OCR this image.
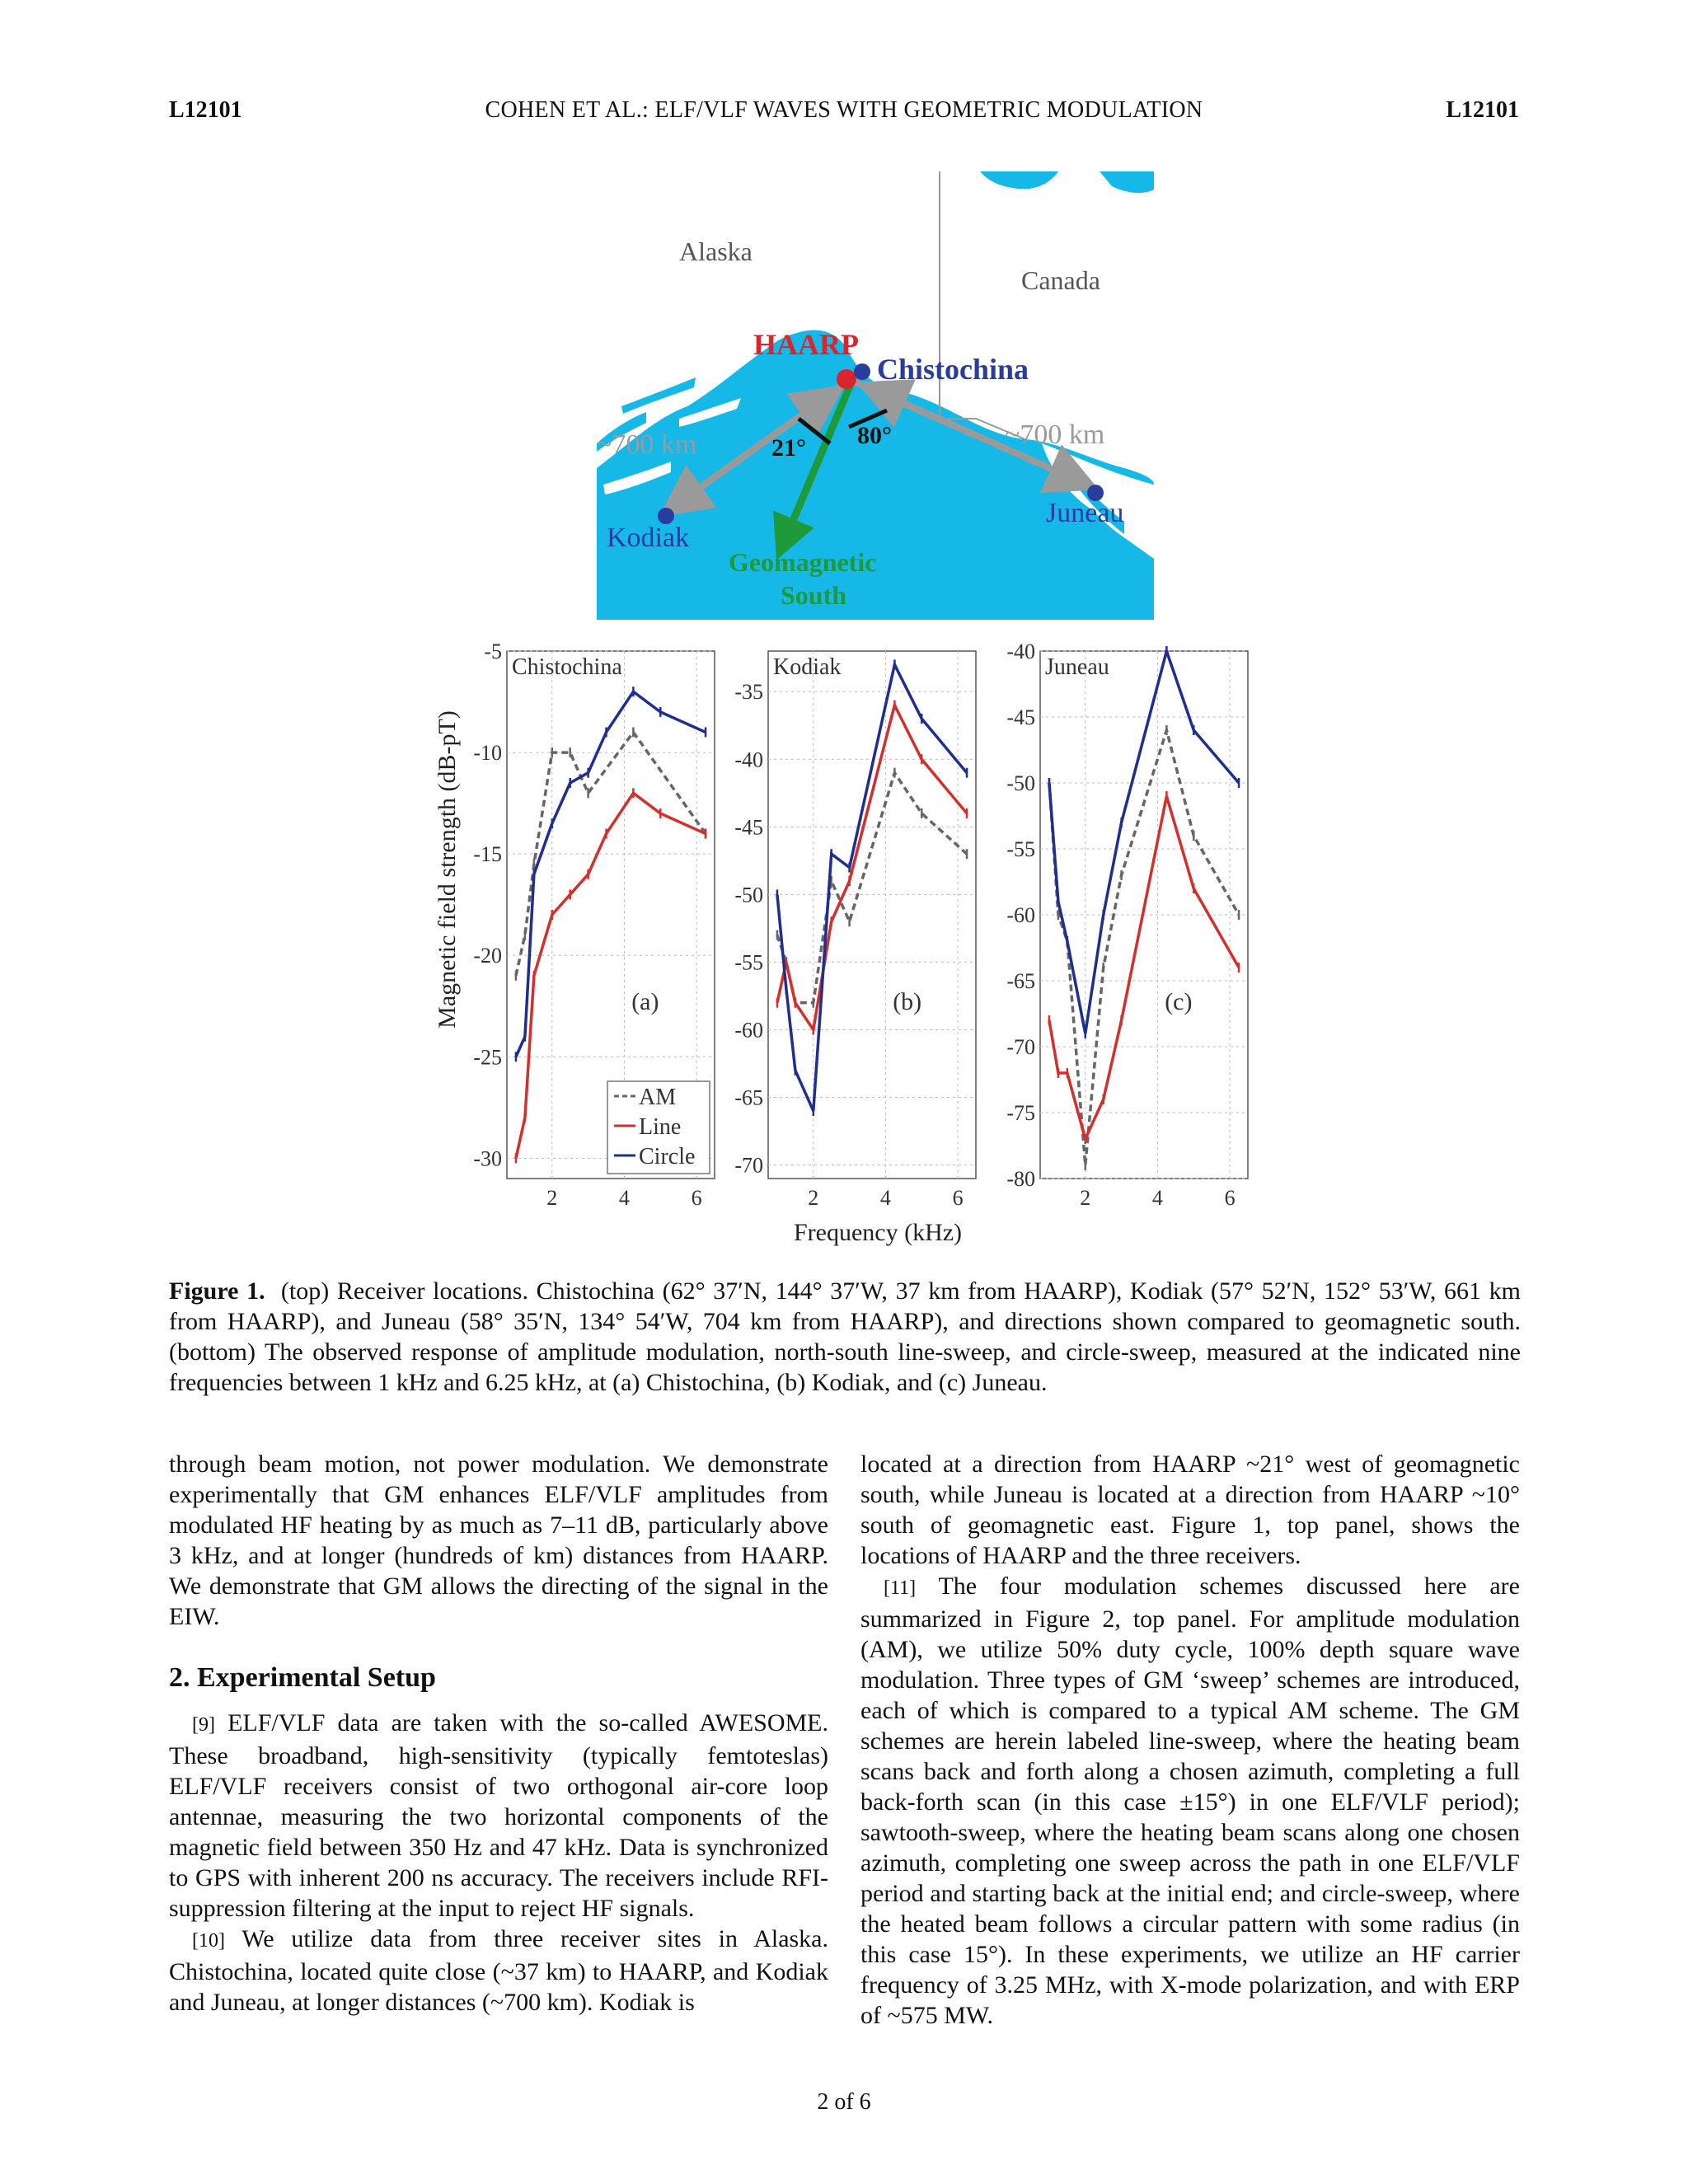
L12101	COHEN ET AL.: ELF/VLF WAVES WITH GEOMETRIC MODULATION	L12101
Alaska
Canada
HAARP
Chistochina
Kodiak
Juneau
~700 km	~700 km
21° 80°
Geomagnetic
South
Magnetic field strength (dB-pT)
Frequency (kHz)
-30
-25
-20
-15
-10
-5
2	4	6
Chistochina
(a)
AM
Line
Circle -70
-65
-60
-55
-50
-45
-40
-35
2	4	6
Kodiak
(b)
-80
-75
-70
-65
-60
-55
-50
-45
-40
2	4	6
Juneau
(c)
Figure 1. (top) Receiver locations. Chistochina (62° 37′N, 144° 37′W, 37 km from HAARP), Kodiak (57° 52′N, 152° 53′W, 661 km from HAARP), and Juneau (58° 35′N, 134° 54′W, 704 km from HAARP), and directions shown compared to geomagnetic south. (bottom) The observed response of amplitude modulation, north-south line-sweep, and circle-sweep, measured at the indicated nine frequencies between 1 kHz and 6.25 kHz, at (a) Chistochina, (b) Kodiak, and (c) Juneau.

through beam motion, not power modulation. We demonstrate experimentally that GM enhances ELF/VLF amplitudes from modulated HF heating by as much as 7–11 dB, particularly above 3 kHz, and at longer (hundreds of km) distances from HAARP. We demonstrate that GM allows the directing of the signal in the EIW.

2. Experimental Setup

[9] ELF/VLF data are taken with the so-called AWESOME. These broadband, high-sensitivity (typically femtoteslas) ELF/VLF receivers consist of two orthogonal air-core loop antennae, measuring the two horizontal components of the magnetic field between 350 Hz and 47 kHz. Data is synchronized to GPS with inherent 200 ns accuracy. The receivers include RFI-suppression filtering at the input to reject HF signals.

[10] We utilize data from three receiver sites in Alaska. Chistochina, located quite close (~37 km) to HAARP, and Kodiak and Juneau, at longer distances (~700 km). Kodiak is

located at a direction from HAARP ~21° west of geomagnetic south, while Juneau is located at a direction from HAARP ~10° south of geomagnetic east. Figure 1, top panel, shows the locations of HAARP and the three receivers.

[11] The four modulation schemes discussed here are summarized in Figure 2, top panel. For amplitude modulation (AM), we utilize 50% duty cycle, 100% depth square wave modulation. Three types of GM ‘sweep’ schemes are introduced, each of which is compared to a typical AM scheme. The GM schemes are herein labeled line-sweep, where the heating beam scans back and forth along a chosen azimuth, completing a full back-forth scan (in this case ±15°) in one ELF/VLF period); sawtooth-sweep, where the heating beam scans along one chosen azimuth, completing one sweep across the path in one ELF/VLF period and starting back at the initial end; and circle-sweep, where the heated beam follows a circular pattern with some radius (in this case 15°). In these experiments, we utilize an HF carrier frequency of 3.25 MHz, with X-mode polarization, and with ERP of ~575 MW.

2 of 6
